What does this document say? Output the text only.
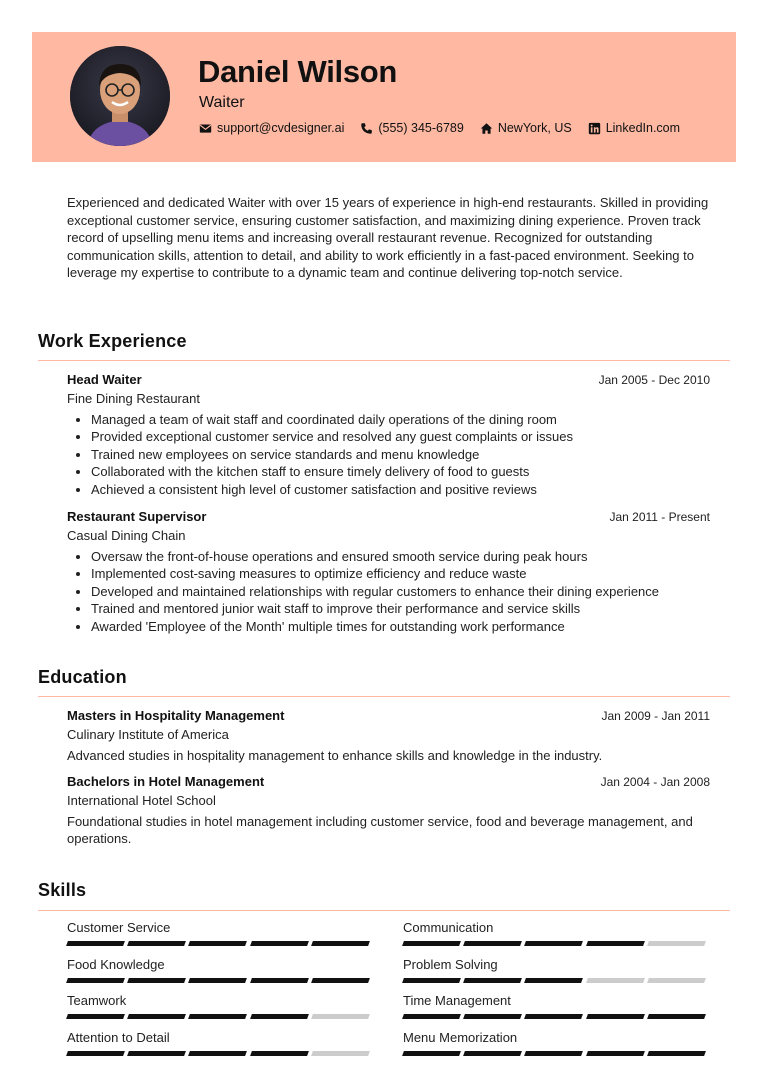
Daniel Wilson
Waiter
support@cvdesigner.ai	(555) 345-6789	NewYork, US	LinkedIn.com
Experienced and dedicated Waiter with over 15 years of experience in high-end restaurants. Skilled in providing exceptional customer service, ensuring customer satisfaction, and maximizing dining experience. Proven track record of upselling menu items and increasing overall restaurant revenue. Recognized for outstanding communication skills, attention to detail, and ability to work efficiently in a fast-paced environment. Seeking to leverage my expertise to contribute to a dynamic team and continue delivering top-notch service.
Work Experience
Head Waiter	Jan 2005 - Dec 2010
Fine Dining Restaurant
• Managed a team of wait staff and coordinated daily operations of the dining room
• Provided exceptional customer service and resolved any guest complaints or issues
• Trained new employees on service standards and menu knowledge
• Collaborated with the kitchen staff to ensure timely delivery of food to guests
• Achieved a consistent high level of customer satisfaction and positive reviews
Restaurant Supervisor	Jan 2011 - Present
Casual Dining Chain
• Oversaw the front-of-house operations and ensured smooth service during peak hours
• Implemented cost-saving measures to optimize efficiency and reduce waste
• Developed and maintained relationships with regular customers to enhance their dining experience
• Trained and mentored junior wait staff to improve their performance and service skills
• Awarded 'Employee of the Month' multiple times for outstanding work performance
Education
Masters in Hospitality Management	Jan 2009 - Jan 2011
Culinary Institute of America
Advanced studies in hospitality management to enhance skills and knowledge in the industry.
Bachelors in Hotel Management	Jan 2004 - Jan 2008
International Hotel School
Foundational studies in hotel management including customer service, food and beverage management, and operations.
Skills
Customer Service	Communication
Food Knowledge	Problem Solving
Teamwork	Time Management
Attention to Detail	Menu Memorization
